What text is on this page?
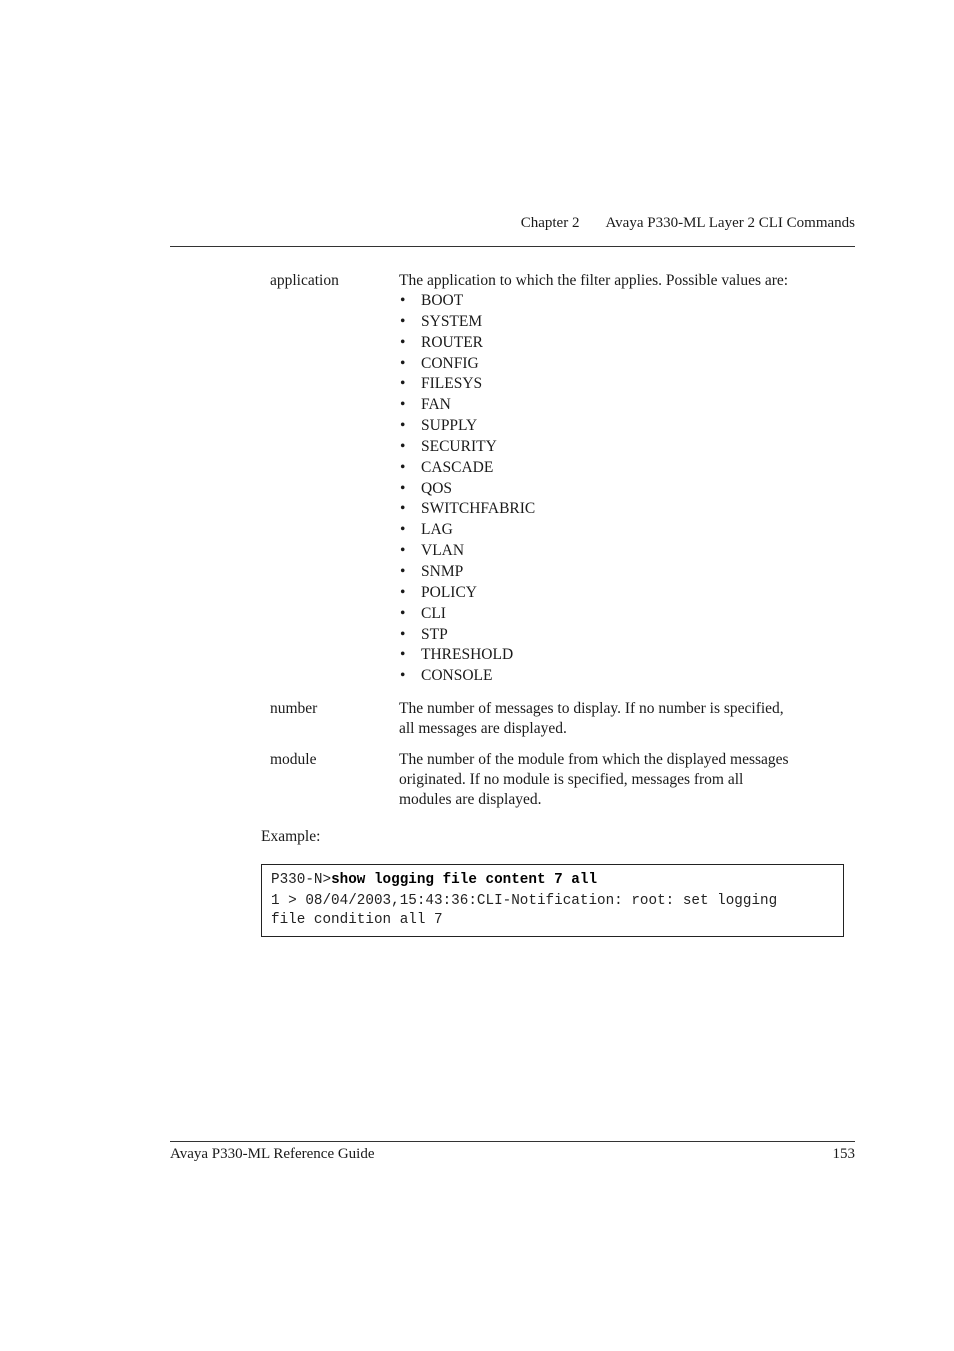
Chapter 2 Avaya P330-ML Layer 2 CLI Commands
application	The application to which the filter applies. Possible values are:
• BOOT
• SYSTEM
• ROUTER
• CONFIG
• FILESYS
• FAN
• SUPPLY
• SECURITY
• CASCADE
• QOS
• SWITCHFABRIC
• LAG
• VLAN
• SNMP
• POLICY
• CLI
• STP
• THRESHOLD
• CONSOLE
number	The number of messages to display. If no number is specified,
all messages are displayed.
module	The number of the module from which the displayed messages
originated. If no module is specified, messages from all
modules are displayed.
Example:
P330-N>show logging file content 7 all
1 > 08/04/2003,15:43:36:CLI-Notification: root: set logging
file condition all 7
Avaya P330-ML Reference Guide	153
